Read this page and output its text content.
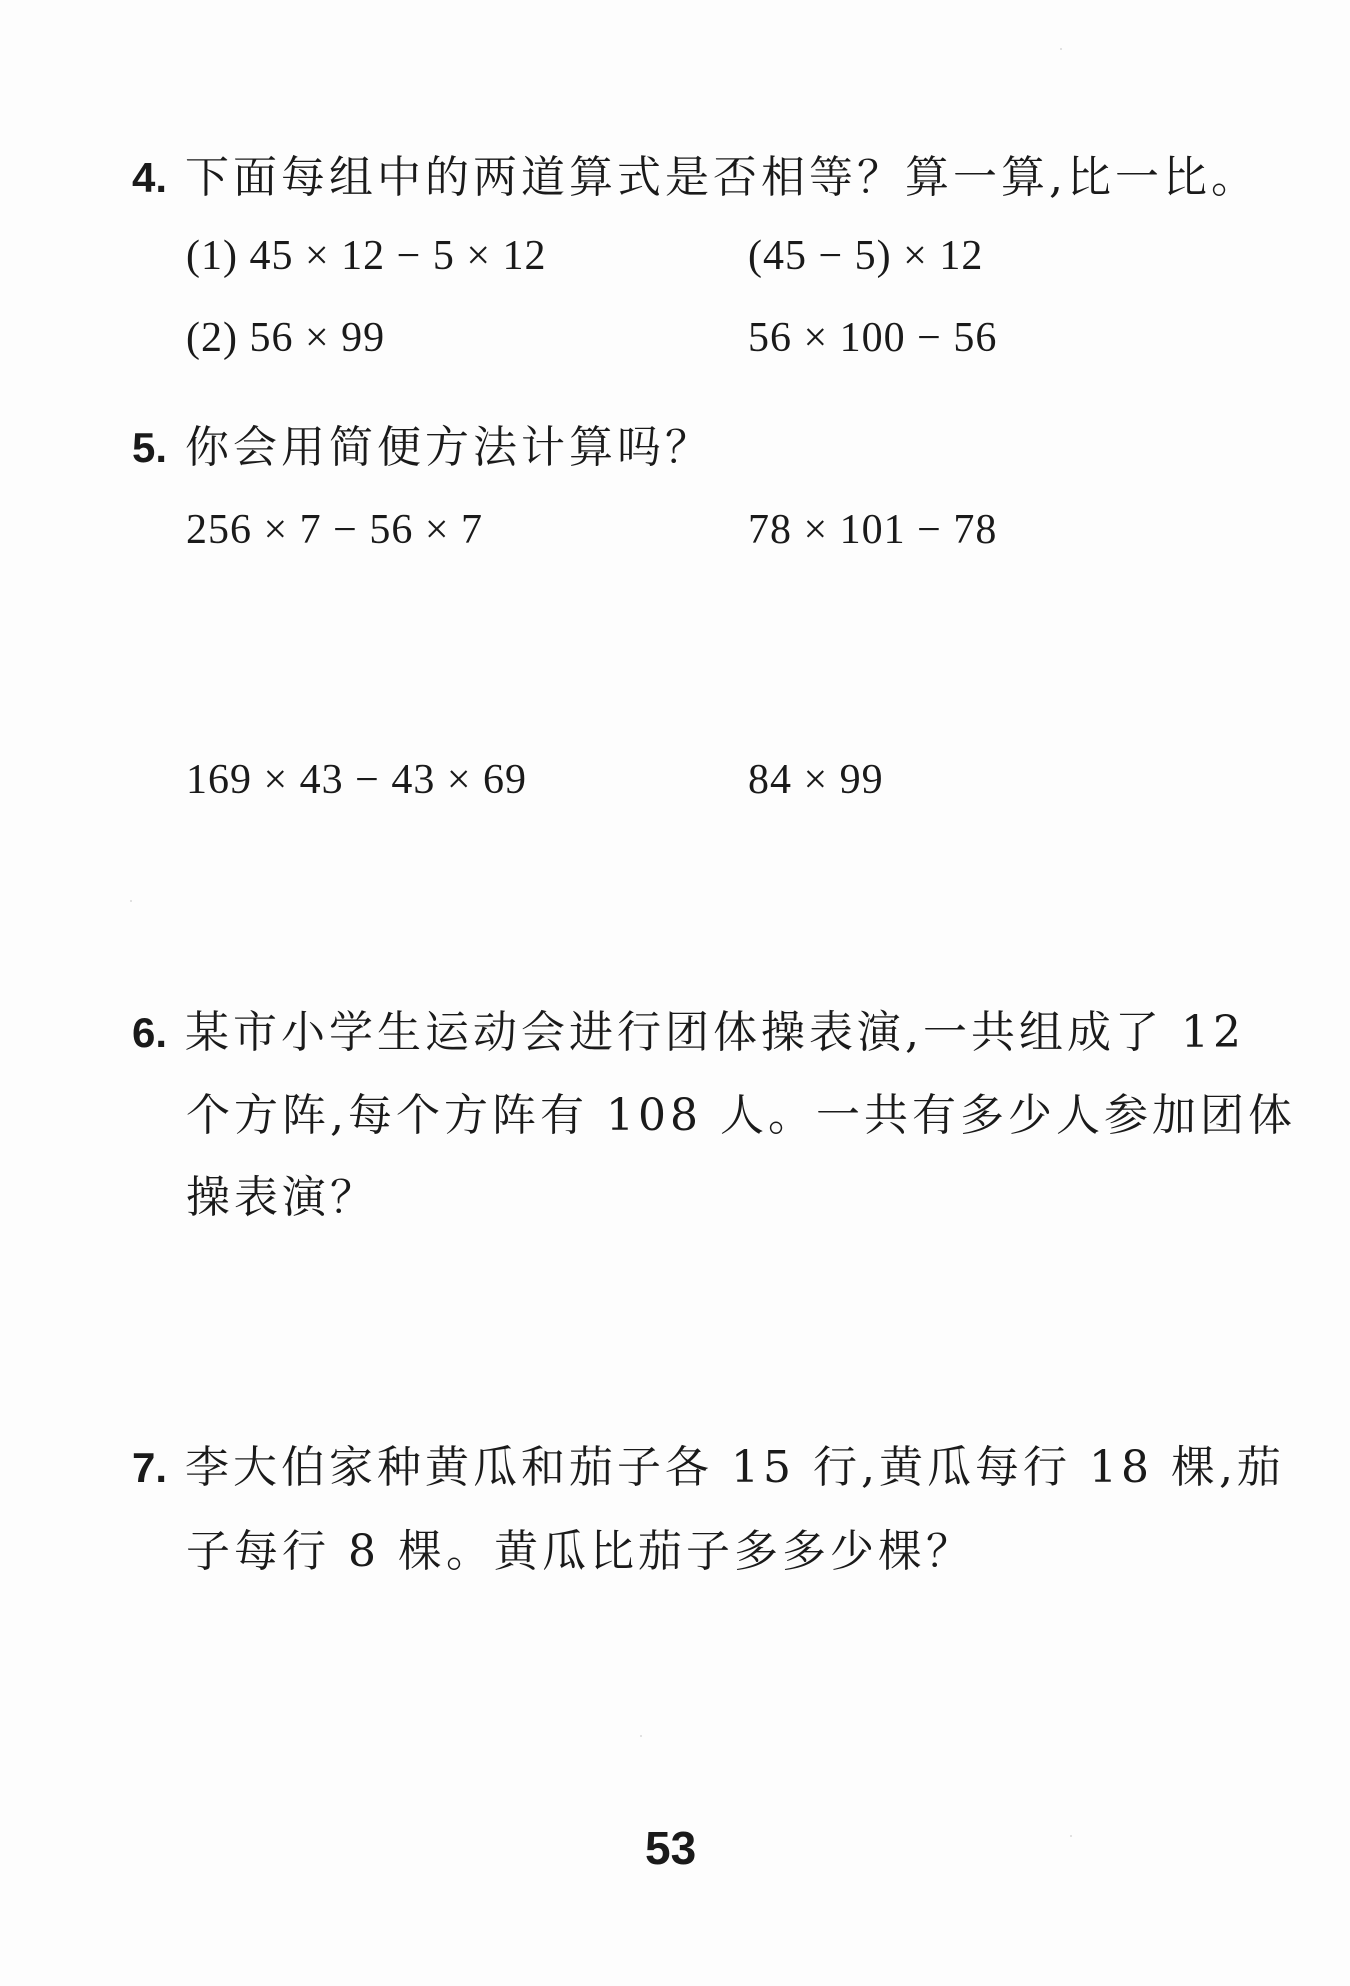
4. 下面每组中的两道算式是否相等？算一算,比一比。
(1) 45 × 12 − 5 × 12	(45 − 5) × 12
(2) 56 × 99	56 × 100 − 56
5. 你会用简便方法计算吗？
256 × 7 − 56 × 7	78 × 101 − 78
169 × 43 − 43 × 69	84 × 99
6. 某市小学生运动会进行团体操表演,一共组成了 12
个方阵,每个方阵有 108 人。一共有多少人参加团体
操表演？
7. 李大伯家种黄瓜和茄子各 15 行,黄瓜每行 18 棵,茄
子每行 8 棵。黄瓜比茄子多多少棵？
53
